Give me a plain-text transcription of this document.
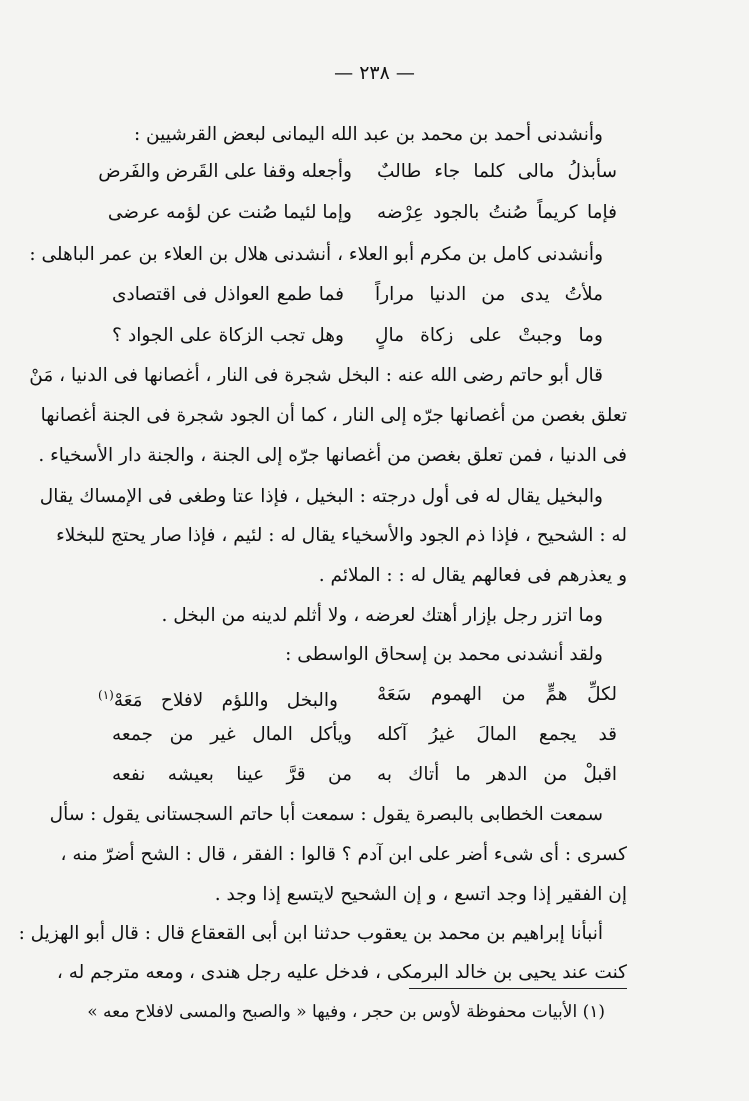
— ٢٣٨ —
وأنشدنى أحمد بن محمد بن عبد الله اليمانى لبعض القرشيين :
سأبذلُ مالى كلما جاء طالبٌ
وأجعله وقفا على القَرض والفَرض
فإما كريماً صُنتُ بالجود عِرْضه
وإما لئيما صُنت عن لؤمه عرضى
وأنشدنى كامل بن مكرم أبو العلاء ، أنشدنى هلال بن العلاء بن عمر الباهلى :
ملأتُ يدى من الدنيا مراراً
فما طمع العواذل فى اقتصادى
وما وجبتْ على زكاة مالٍ
وهل تجب الزكاة على الجواد ؟
قال أبو حاتم رضى الله عنه : البخل شجرة فى النار ، أغصانها فى الدنيا ، مَنْ
تعلق بغصن من أغصانها جرّه إلى النار ، كما أن الجود شجرة فى الجنة أغصانها
فى الدنيا ، فمن تعلق بغصن من أغصانها جرّه إلى الجنة ، والجنة دار الأسخياء .
والبخيل يقال له فى أول درجته : البخيل ، فإذا عتا وطغى فى الإمساك يقال
له : الشحيح ، فإذا ذم الجود والأسخياء يقال له : لئيم ، فإذا صار يحتج للبخلاء
و يعذرهم فى فعالهم يقال له : : الملائم .
وما اتزر رجل بإزار أهتك لعرضه ، ولا أثلم لدينه من البخل .
ولقد أنشدنى محمد بن إسحاق الواسطى :
لكلِّ همٍّ من الهموم سَعَهْ
والبخل واللؤم لافلاح مَعَهْ$^{(١)}$
قد يجمع المالَ غيرُ آكله
ويأكل المال غير من جمعه
اقبلْ من الدهر ما أتاك به
من قرَّ عينا بعيشه نفعه
سمعت الخطابى بالبصرة يقول : سمعت أبا حاتم السجستانى يقول : سأل
كسرى : أى شىء أضر على ابن آدم ؟ قالوا : الفقر ، قال : الشح أضرّ منه ،
إن الفقير إذا وجد اتسع ، و إن الشحيح لايتسع إذا وجد .
أنبأنا إبراهيم بن محمد بن يعقوب حدثنا ابن أبى القعقاع قال : قال أبو الهزيل :
كنت عند يحيى بن خالد البرمكى ، فدخل عليه رجل هندى ، ومعه مترجم له ،
(١) الأبيات محفوظة لأوس بن حجر ، وفيها « والصبح والمسى لافلاح معه »
